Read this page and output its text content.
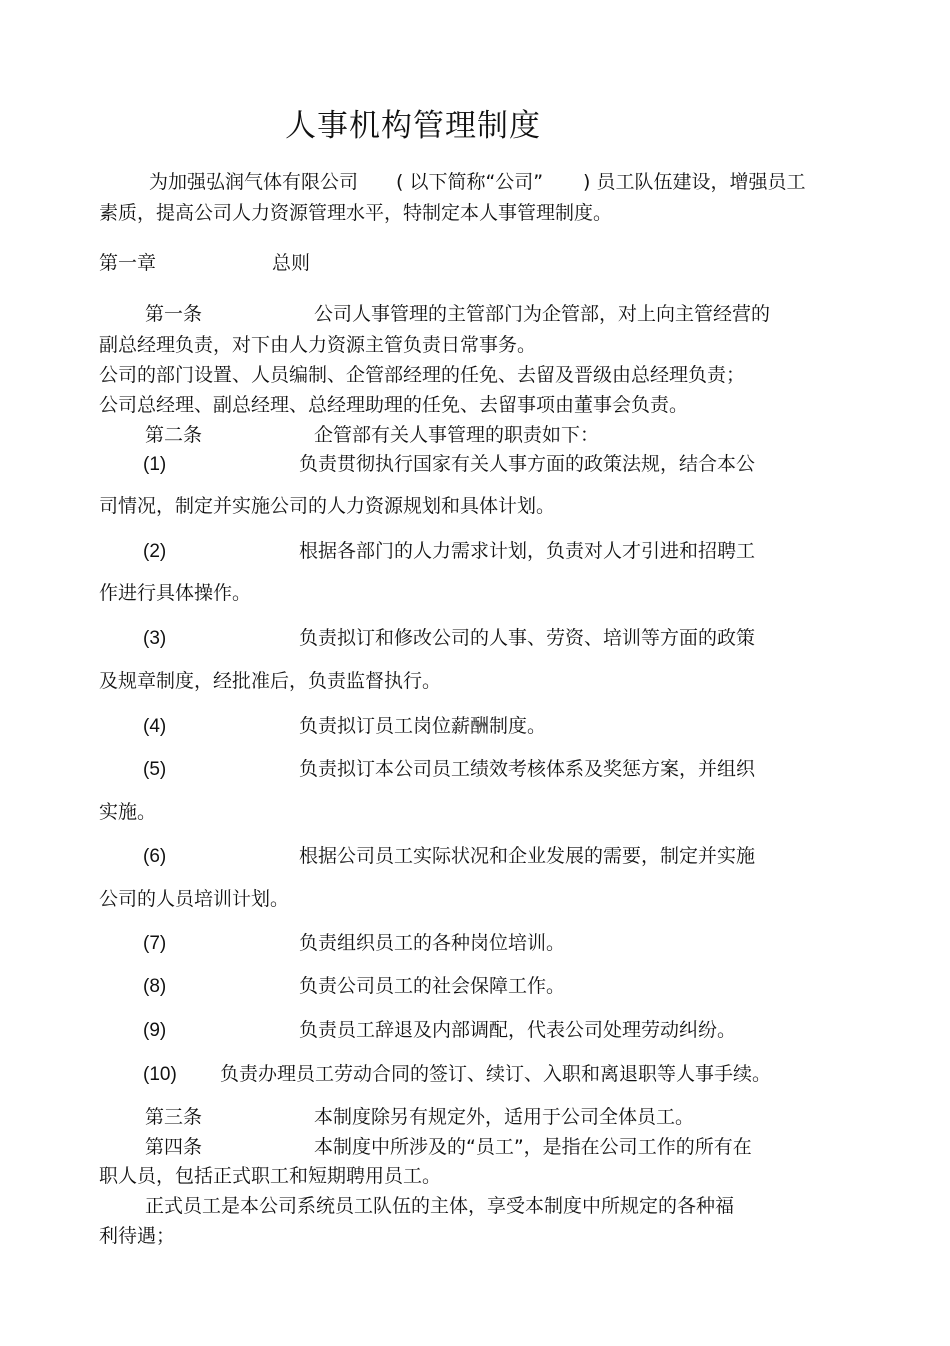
人事机构管理制度
为加强弘润气体有限公司 ( 以下简称“公司” ) 员工队伍建设，增强员工
素质，提高公司人力资源管理水平，特制定本人事管理制度。
第一章	总则
第一条	公司人事管理的主管部门为企管部，对上向主管经营的
副总经理负责，对下由人力资源主管负责日常事务。
公司的部门设置、人员编制、企管部经理的任免、去留及晋级由总经理负责；
公司总经理、副总经理、总经理助理的任免、去留事项由董事会负责。
第二条	企管部有关人事管理的职责如下：
(1)	负责贯彻执行国家有关人事方面的政策法规，结合本公
司情况，制定并实施公司的人力资源规划和具体计划。
(2)	根据各部门的人力需求计划，负责对人才引进和招聘工
作进行具体操作。
(3)	负责拟订和修改公司的人事、劳资、培训等方面的政策
及规章制度，经批准后，负责监督执行。
(4)	负责拟订员工岗位薪酬制度。
(5)	负责拟订本公司员工绩效考核体系及奖惩方案，并组织
实施。
(6)	根据公司员工实际状况和企业发展的需要，制定并实施
公司的人员培训计划。
(7)	负责组织员工的各种岗位培训。
(8)	负责公司员工的社会保障工作。
(9)	负责员工辞退及内部调配，代表公司处理劳动纠纷。
(10) 负责办理员工劳动合同的签订、续订、入职和离退职等人事手续。
第三条	本制度除另有规定外，适用于公司全体员工。
第四条	本制度中所涉及的“员工”，是指在公司工作的所有在
职人员，包括正式职工和短期聘用员工。
正式员工是本公司系统员工队伍的主体，享受本制度中所规定的各种福
利待遇；
